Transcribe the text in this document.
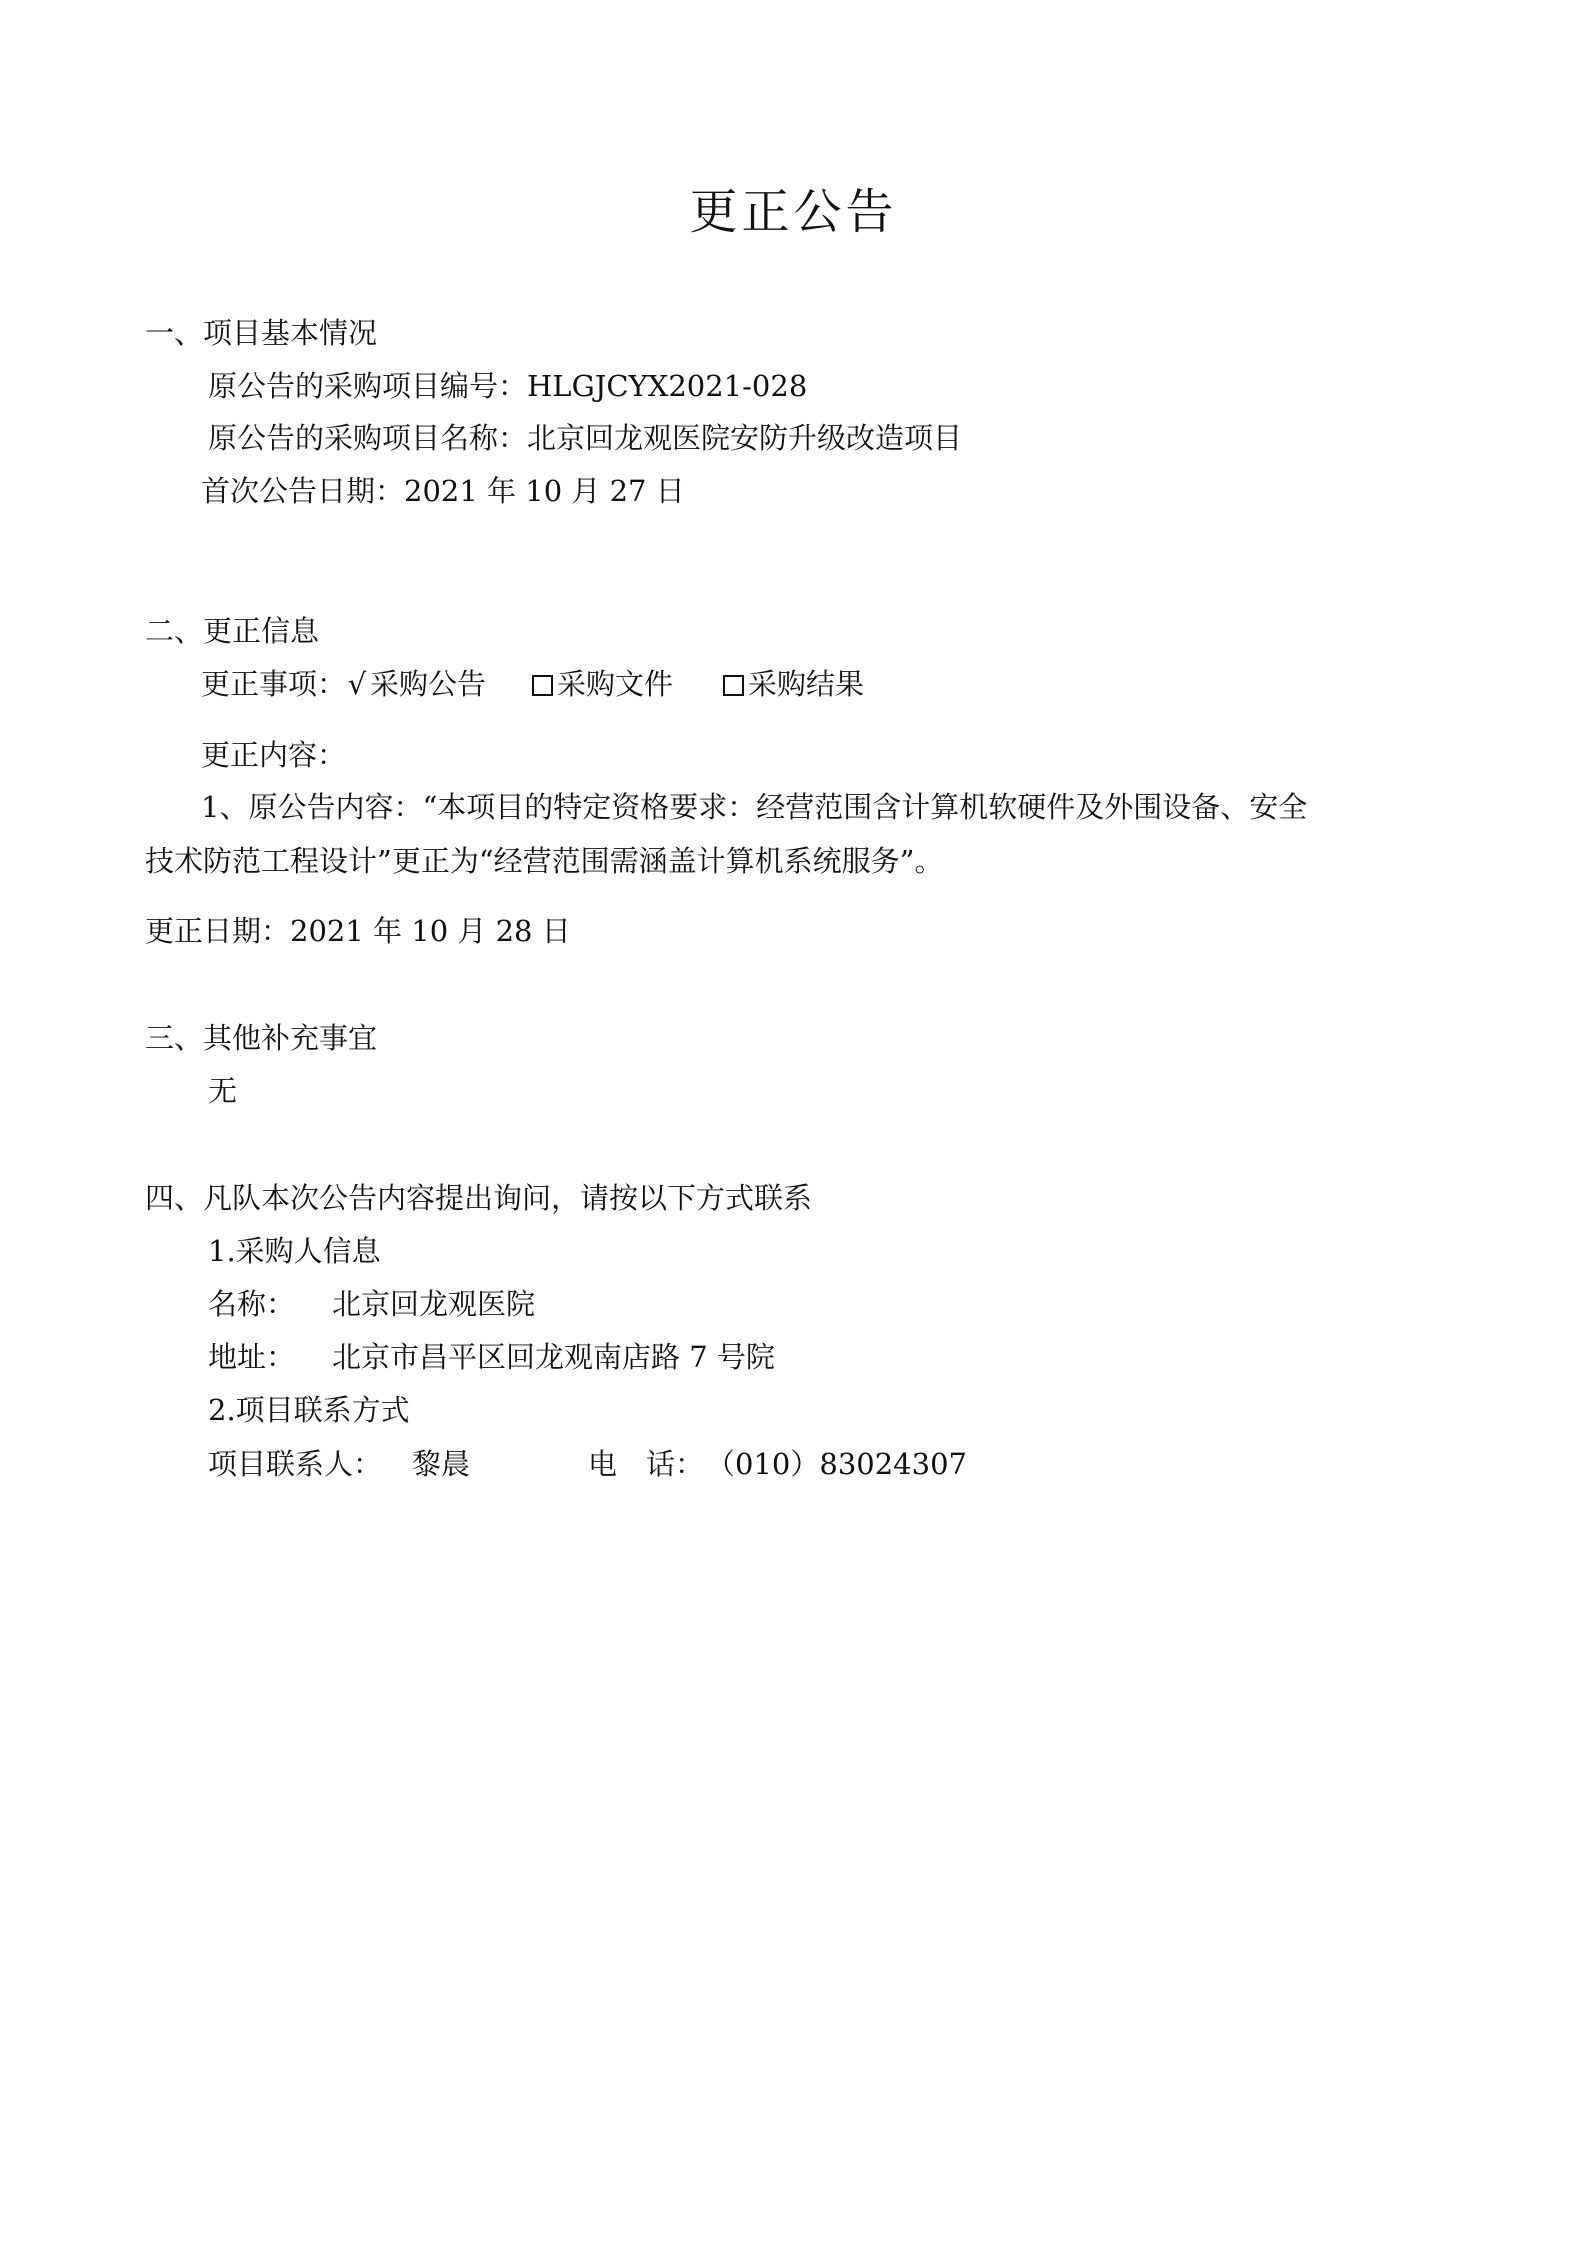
更正公告
一、项目基本情况
原公告的采购项目编号：HLGJCYX2021-028
原公告的采购项目名称：北京回龙观医院安防升级改造项目
首次公告日期：2021 年 10 月 27 日
二、更正信息
更正事项：√ 采购公告 采购文件	采购结果
更正内容：
1、原公告内容：“本项目的特定资格要求：经营范围含计算机软硬件及外围设备、安全
技术防范工程设计”更正为“经营范围需涵盖计算机系统服务”。
更正日期：2021 年 10 月 28 日
三、其他补充事宜
无
四、凡队本次公告内容提出询问，请按以下方式联系
1.采购人信息
名称： 北京回龙观医院
地址： 北京市昌平区回龙观南店路 7 号院
2.项目联系方式
项目联系人： 黎晨	电　话：（010）83024307
